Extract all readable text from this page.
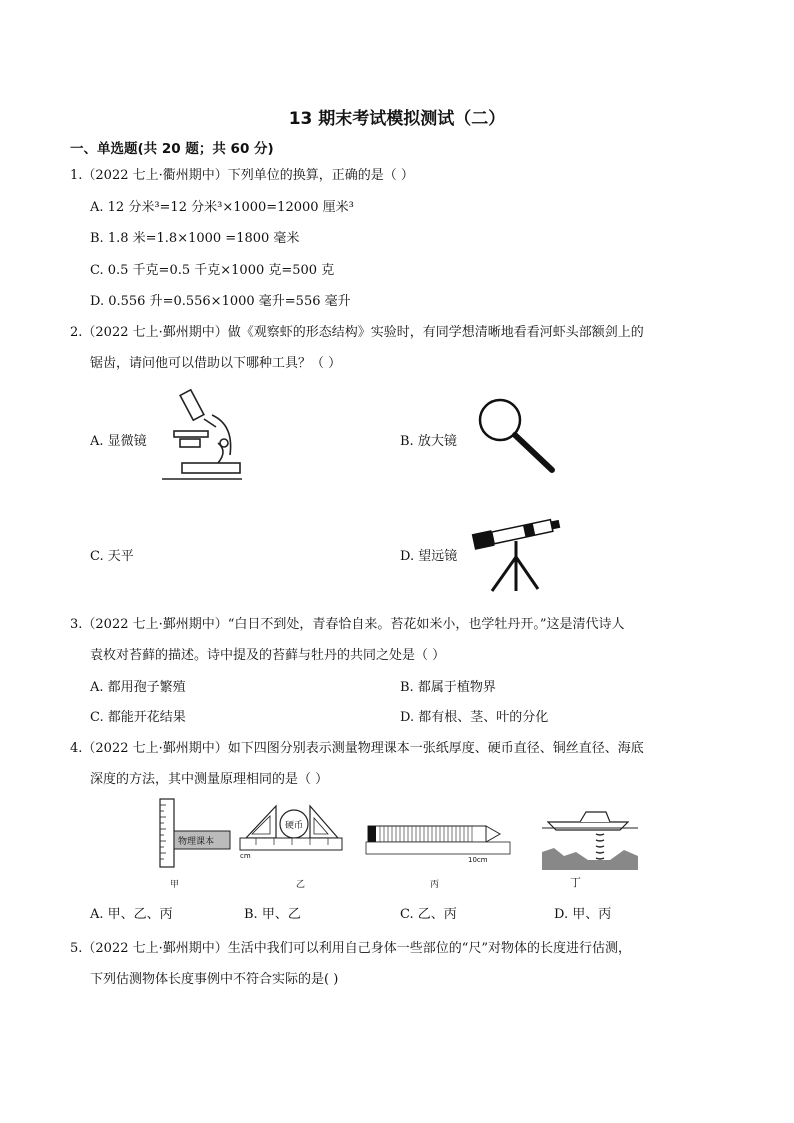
13 期末考试模拟测试（二）
一、单选题(共 20 题；共 60 分)
1.（2022 七上·衢州期中）下列单位的换算，正确的是（ ）
A. 12 分米³=12 分米³×1000=12000 厘米³
B. 1.8 米=1.8×1000 =1800 毫米
C. 0.5 千克=0.5 千克×1000 克=500 克
D. 0.556 升=0.556×1000 毫升=556 毫升
2.（2022 七上·鄞州期中）做《观察虾的形态结构》实验时，有同学想清晰地看看河虾头部额剑上的
锯齿，请问他可以借助以下哪种工具？（ ）
A. 显微镜	B. 放大镜
C. 天平	D. 望远镜
3.（2022 七上·鄞州期中）“白日不到处，青春恰自来。苔花如米小，也学牡丹开。”这是清代诗人
袁枚对苔藓的描述。诗中提及的苔藓与牡丹的共同之处是（ ）
A. 都用孢子繁殖	B. 都属于植物界
C. 都能开花结果	D. 都有根、茎、叶的分化
4.（2022 七上·鄞州期中）如下四图分别表示测量物理课本一张纸厚度、硬币直径、铜丝直径、海底
深度的方法，其中测量原理相同的是（ ）
物理课本
甲
硬币
cm
乙
10cm
丙	丁
A. 甲、乙、丙	B. 甲、乙	C. 乙、丙	D. 甲、丙
5.（2022 七上·鄞州期中）生活中我们可以利用自己身体一些部位的“尺”对物体的长度进行估测，
下列估测物体长度事例中不符合实际的是( )
